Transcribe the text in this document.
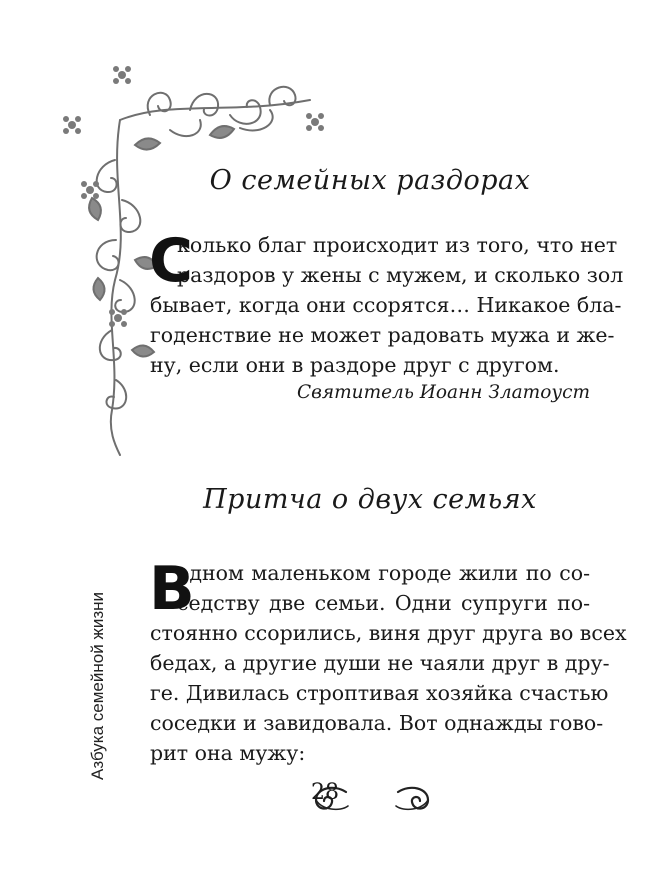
О семейных раздорах
С
колько благ происходит из того, что нет
раздоров у жены с мужем, и сколько зол
бывает, когда они ссорятся… Никакое бла-
годенствие не может радовать мужа и же-
ну, если они в раздоре друг с другом.
Святитель Иоанн Златоуст
Притча о двух семьях
В
одном маленьком городе жили по со-
седству две семьи. Одни супруги по-
стоянно ссорились, виня друг друга во всех
бедах, а другие души не чаяли друг в дру-
ге. Дивилась строптивая хозяйка счастью
соседки и завидовала. Вот однажды гово-
рит она мужу:
Азбука семейной жизни
28
